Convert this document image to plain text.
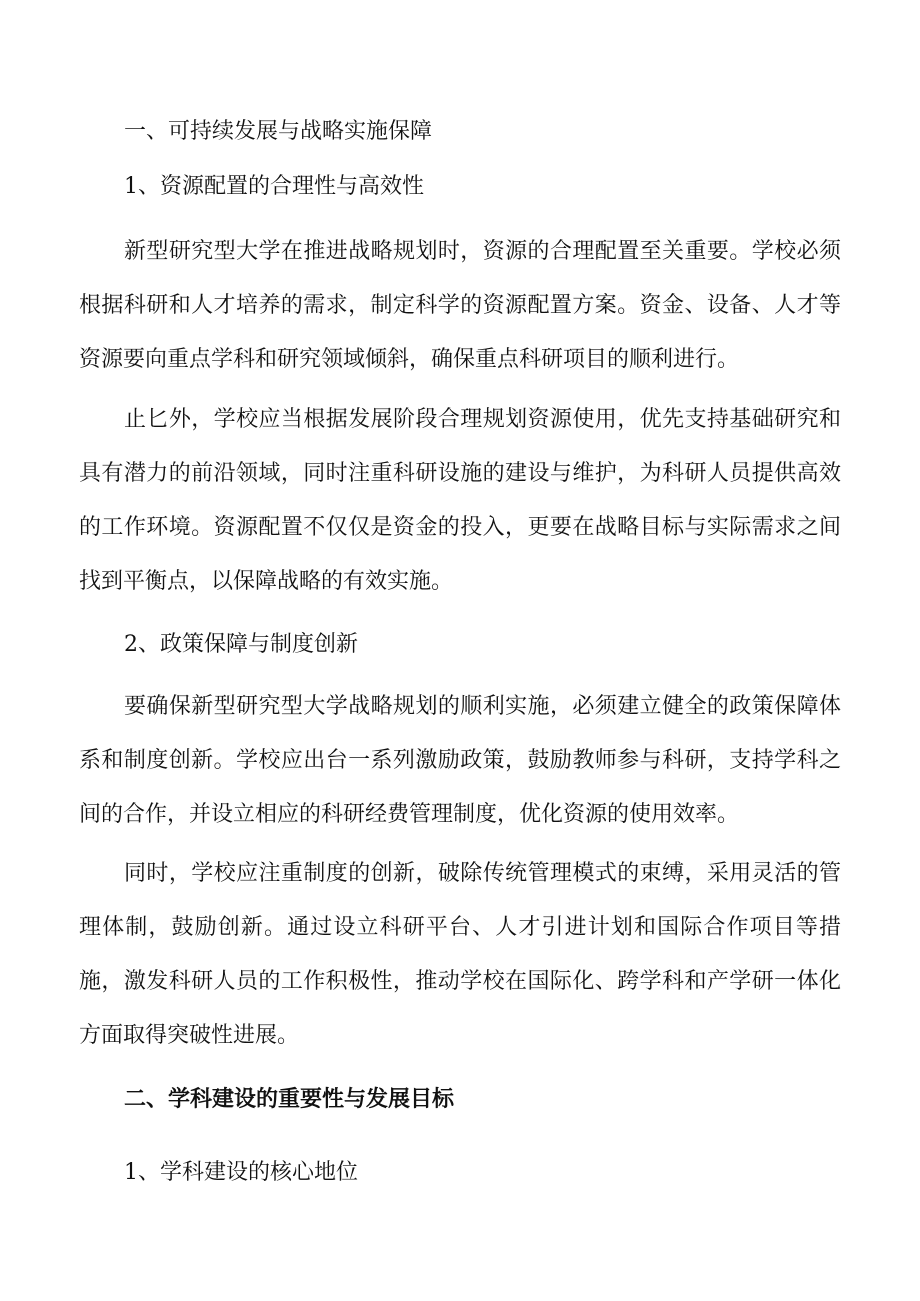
一、可持续发展与战略实施保障
1、资源配置的合理性与高效性
新型研究型大学在推进战略规划时，资源的合理配置至关重要。学校必须根据科研和人才培养的需求，制定科学的资源配置方案。资金、设备、人才等资源要向重点学科和研究领域倾斜，确保重点科研项目的顺利进行。
止匕外，学校应当根据发展阶段合理规划资源使用，优先支持基础研究和具有潜力的前沿领域，同时注重科研设施的建设与维护，为科研人员提供高效的工作环境。资源配置不仅仅是资金的投入，更要在战略目标与实际需求之间找到平衡点，以保障战略的有效实施。
2、政策保障与制度创新
要确保新型研究型大学战略规划的顺利实施，必须建立健全的政策保障体系和制度创新。学校应出台一系列激励政策，鼓励教师参与科研，支持学科之间的合作，并设立相应的科研经费管理制度，优化资源的使用效率。
同时，学校应注重制度的创新，破除传统管理模式的束缚，采用灵活的管理体制，鼓励创新。通过设立科研平台、人才引进计划和国际合作项目等措施，激发科研人员的工作积极性，推动学校在国际化、跨学科和产学研一体化方面取得突破性进展。
二、学科建设的重要性与发展目标
1、学科建设的核心地位
